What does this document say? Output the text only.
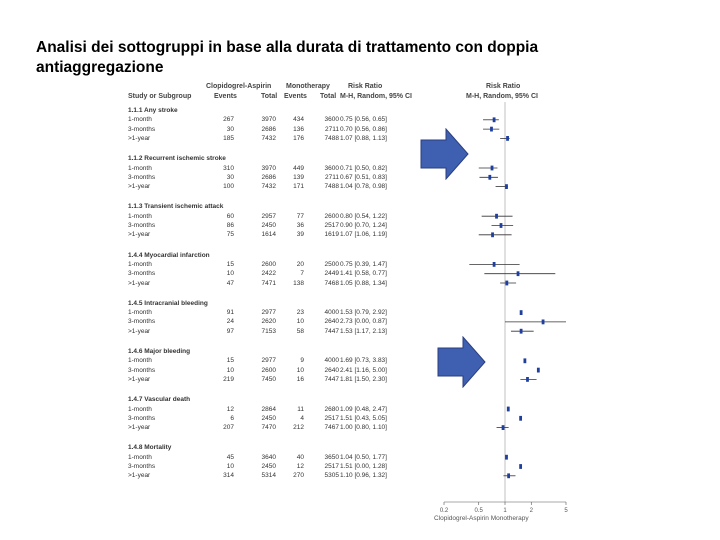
Analisi dei sottogruppi in base alla durata di trattamento con doppia
antiaggregazione
Clopidogrel-Aspirin Monotherapy	Risk Ratio	Risk Ratio
Study or Subgroup	Events	Total Events Total M-H, Random, 95% CI	M-H, Random, 95% CI
1.1.1 Any stroke
1-month	267	3970	434	3600 0.75 [0.56, 0.65]
3-months	30	2686	136	2711 0.70 [0.56, 0.86]
>1-year	185	7432	176	7488 1.07 [0.88, 1.13]
1.1.2 Recurrent ischemic stroke
1-month	310	3970	449	3600 0.71 [0.50, 0.82]
3-months	30	2686	139	2711 0.67 [0.51, 0.83]
>1-year	100	7432	171	7488 1.04 [0.78, 0.98]
1.1.3 Transient ischemic attack
1-month	60	2957	77	2600 0.80 [0.54, 1.22]
3-months	86	2450	36	2517 0.90 [0.70, 1.24]
>1-year	75	1614	39	1619 1.07 [1.06, 1.19]
1.4.4 Myocardial infarction
1-month	15	2600	20	2500 0.75 [0.39, 1.47]
3-months	10	2422	7	2449 1.41 [0.58, 0.77]
>1-year	47	7471	138	7468 1.05 [0.88, 1.34]
1.4.5 Intracranial bleeding
1-month	91	2977	23	4000 1.53 [0.79, 2.92]
3-months	24	2620	10	2640 2.73 [0.00, 0.87]
>1-year	97	7153	58	7447 1.53 [1.17, 2.13]
1.4.6 Major bleeding
1-month	15	2977	9	4000 1.69 [0.73, 3.83]
3-months	10	2600	10	2640 2.41 [1.16, 5.00]
>1-year	219	7450	16	7447 1.81 [1.50, 2.30]
1.4.7 Vascular death
1-month	12	2864	11	2680 1.09 [0.48, 2.47]
3-months	6	2450	4	2517 1.51 [0.43, 5.05]
>1-year	207	7470	212	7467 1.00 [0.80, 1.10]
1.4.8 Mortality
1-month	45	3640	40	3650 1.04 [0.50, 1.77]
3-months	10	2450	12	2517 1.51 [0.00, 1.28]
>1-year	314	5314	270	5305 1.10 [0.96, 1.32]
0.2	0.5	1	2	5
Clopidogrel-Aspirin Monotherapy
